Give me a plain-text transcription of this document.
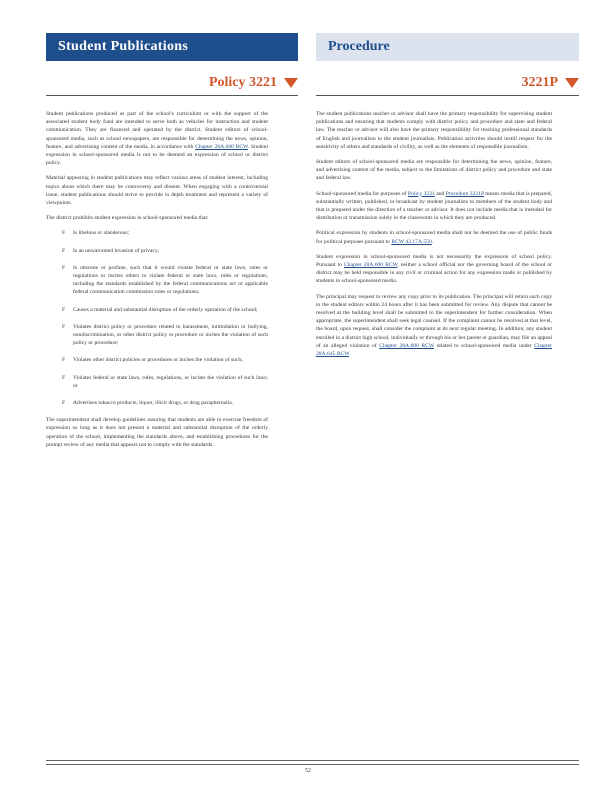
Student Publications	Procedure
Policy 3221	3221P

Student publications produced as part of the school's curriculum or with the support of the associated student body fund are intended to serve both as vehicles for instruction and student communication. They are financed and operated by the district. Student editors of school-sponsored media, such as school newspapers, are responsible for determining the news, opinion, feature, and advertising content of the media, in accordance with Chapter 28A.600 RCW. Student expression in school-sponsored media is not to be deemed an expression of school or district policy.

Material appearing in student publications may reflect various areas of student interest, including topics about which there may be controversy and dissent. When engaging with a controversial issue, student publications should strive to provide in depth treatment and represent a variety of viewpoints.

The district prohibits student expression in school-sponsored media that:

F Is libelous or slanderous;
F Is an unwarranted invasion of privacy;
F Is obscene or profane, such that it would violate federal or state laws, rules or regulations or incites others to violate federal or state laws, rules or regulations, including the standards established by the federal communications act or applicable federal communication commission rules or regulations;
F Causes a material and substantial disruption of the orderly operation of the school;
F Violates district policy or procedure related to harassment, intimidation or bullying, nondiscrimination, or other district policy or procedure or incites the violation of such policy or procedure;
F Violates other district policies or procedures or incites the violation of such;
F Violates federal or state laws, rules, regulations, or incites the violation of such laws; or
F Advertises tobacco products, liquor, illicit drugs, or drug paraphernalia.

The superintendent shall develop guidelines assuring that students are able to exercise freedom of expression so long as it does not present a material and substantial disruption of the orderly operation of the school, implementing the standards above, and establishing procedures for the prompt review of any media that appears not to comply with the standards.

The student publications teacher or advisor shall have the primary responsibility for supervising student publications and ensuring that students comply with district policy and procedure and state and federal law. The teacher or advisor will also have the primary responsibility for teaching professional standards of English and journalism to the student journalists. Publication activities should instill respect for the sensitivity of others and standards of civility, as well as the elements of responsible journalism.

Student editors of school-sponsored media are responsible for determining the news, opinion, feature, and advertising content of the media, subject to the limitations of district policy and procedure and state and federal law.

School-sponsored media for purposes of Policy 3221 and Procedure 3221P means media that is prepared, substantially written, published, or broadcast by student journalists to members of the student body and that is prepared under the direction of a teacher or advisor. It does not include media that is intended for distribution or transmission solely in the classrooms in which they are produced.

Political expression by students in school-sponsored media shall not be deemed the use of public funds for political purposes pursuant to RCW 42.17A.550.

Student expression in school-sponsored media is not necessarily the expression of school policy. Pursuant to Chapter 28A.600 RCW, neither a school official nor the governing board of the school or district may be held responsible in any civil or criminal action for any expression made or published by students in school-sponsored media.

The principal may request to review any copy prior to its publication. The principal will return such copy to the student editors within 24 hours after it has been submitted for review. Any dispute that cannot be resolved at the building level shall be submitted to the superintendent for further consideration. When appropriate, the superintendent shall seek legal counsel. If the complaint cannot be resolved at that level, the board, upon request, shall consider the complaint at its next regular meeting. In addition, any student enrolled in a district high school, individually or through his or her parent or guardian, may file an appeal of an alleged violation of Chapter 28A.600 RCW related to school-sponsored media under Chapter 28A.645 RCW.

52
